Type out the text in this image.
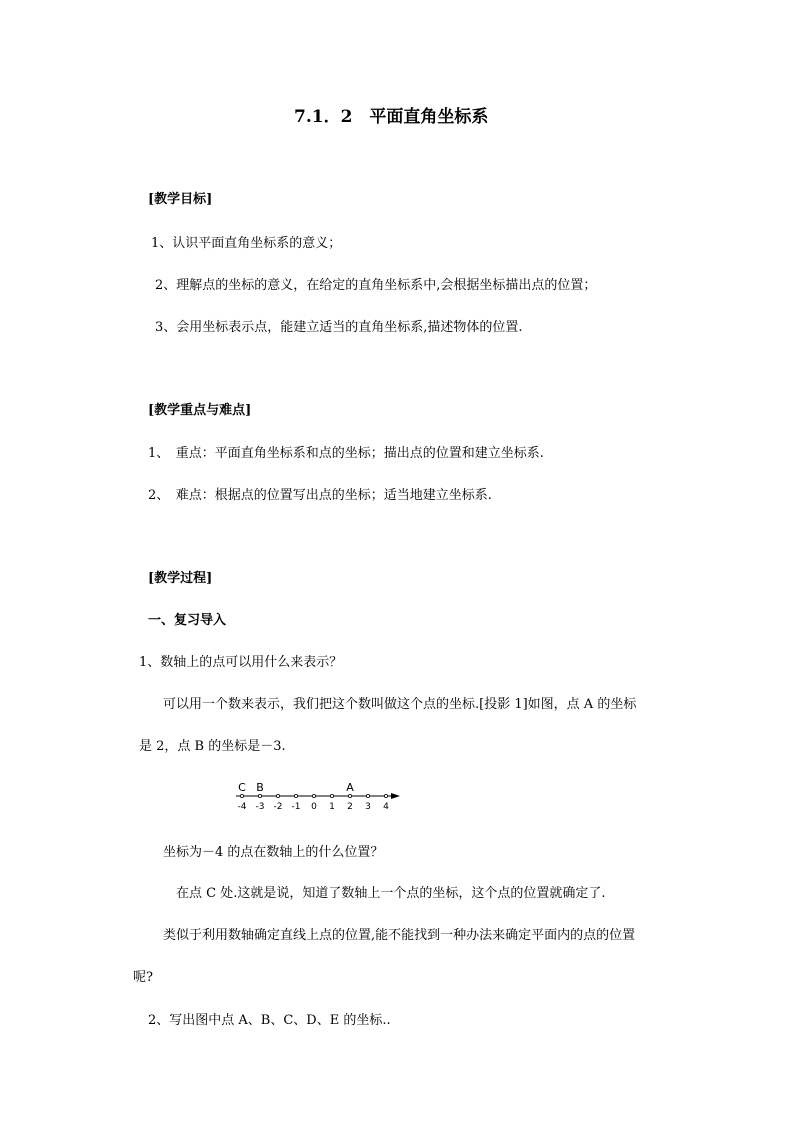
7.1．2　平面直角坐标系
[教学目标]
1、认识平面直角坐标系的意义；
2、理解点的坐标的意义，在给定的直角坐标系中,会根据坐标描出点的位置；
3、会用坐标表示点，能建立适当的直角坐标系,描述物体的位置.
[教学重点与难点]
1、　重点：平面直角坐标系和点的坐标；描出点的位置和建立坐标系.
2、　难点：根据点的位置写出点的坐标；适当地建立坐标系.
[教学过程]
一、复习导入
1、数轴上的点可以用什么来表示？
可以用一个数来表示，我们把这个数叫做这个点的坐标.[投影 1]如图，点 A 的坐标
是 2，点 B 的坐标是－3.
-4 -3 -2 -1 0 1 2 3 4
C B	A
坐标为－4 的点在数轴上的什么位置？
在点 C 处.这就是说，知道了数轴上一个点的坐标，这个点的位置就确定了.
类似于利用数轴确定直线上点的位置,能不能找到一种办法来确定平面内的点的位置
呢?
2、写出图中点 A、B、C、D、E 的坐标..
